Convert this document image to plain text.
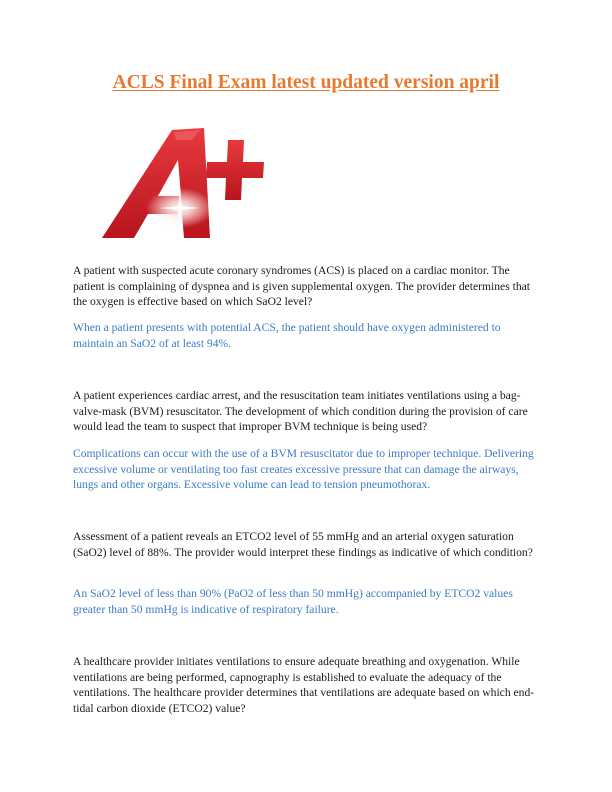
ACLS Final Exam latest updated version april

A patient with suspected acute coronary syndromes (ACS) is placed on a cardiac monitor. The patient is complaining of dyspnea and is given supplemental oxygen. The provider determines that the oxygen is effective based on which SaO2 level?

When a patient presents with potential ACS, the patient should have oxygen administered to maintain an SaO2 of at least 94%.

A patient experiences cardiac arrest, and the resuscitation team initiates ventilations using a bag-valve-mask (BVM) resuscitator. The development of which condition during the provision of care would lead the team to suspect that improper BVM technique is being used?

Complications can occur with the use of a BVM resuscitator due to improper technique. Delivering excessive volume or ventilating too fast creates excessive pressure that can damage the airways, lungs and other organs. Excessive volume can lead to tension pneumothorax.

Assessment of a patient reveals an ETCO2 level of 55 mmHg and an arterial oxygen saturation (SaO2) level of 88%. The provider would interpret these findings as indicative of which condition?

An SaO2 level of less than 90% (PaO2 of less than 50 mmHg) accompanied by ETCO2 values greater than 50 mmHg is indicative of respiratory failure.

A healthcare provider initiates ventilations to ensure adequate breathing and oxygenation. While ventilations are being performed, capnography is established to evaluate the adequacy of the ventilations. The healthcare provider determines that ventilations are adequate based on which end-tidal carbon dioxide (ETCO2) value?
